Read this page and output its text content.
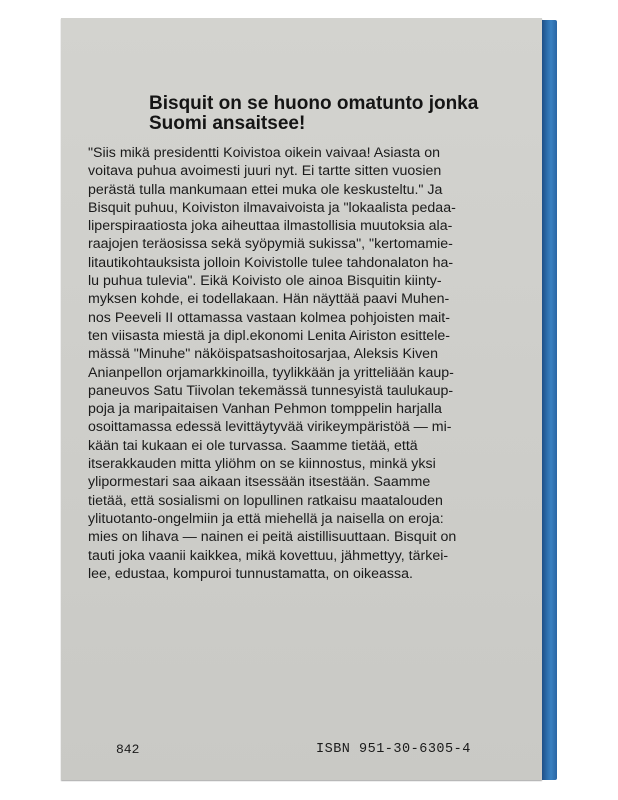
Bisquit on se huono omatunto jonka
Suomi ansaitsee!

"Siis mikä presidentti Koivistoa oikein vaivaa! Asiasta on
voitava puhua avoimesti juuri nyt. Ei tartte sitten vuosien
perästä tulla mankumaan ettei muka ole keskusteltu." Ja
Bisquit puhuu, Koiviston ilmavaivoista ja "lokaalista pedaa-
liperspiraatiosta joka aiheuttaa ilmastollisia muutoksia ala-
raajojen teräosissa sekä syöpymiä sukissa", "kertomamie-
litautikohtauksista jolloin Koivistolle tulee tahdonalaton ha-
lu puhua tulevia". Eikä Koivisto ole ainoa Bisquitin kiinty-
myksen kohde, ei todellakaan. Hän näyttää paavi Muhen-
nos Peeveli II ottamassa vastaan kolmea pohjoisten mait-
ten viisasta miestä ja dipl.ekonomi Lenita Airiston esittele-
mässä "Minuhe" näköispatsashoitosarjaa, Aleksis Kiven
Anianpellon orjamarkkinoilla, tyylikkään ja yritteliään kaup-
paneuvos Satu Tiivolan tekemässä tunnesyistä taulukaup-
poja ja maripaitaisen Vanhan Pehmon tomppelin harjalla
osoittamassa edessä levittäytyvää virikeympäristöä — mi-
kään tai kukaan ei ole turvassa. Saamme tietää, että
itserakkauden mitta yliöhm on se kiinnostus, minkä yksi
ylipormestari saa aikaan itsessään itsestään. Saamme
tietää, että sosialismi on lopullinen ratkaisu maatalouden
ylituotanto-ongelmiin ja että miehellä ja naisella on eroja:
mies on lihava — nainen ei peitä aistillisuuttaan. Bisquit on
tauti joka vaanii kaikkea, mikä kovettuu, jähmettyy, tärkei-
lee, edustaa, kompuroi tunnustamatta, on oikeassa.

842	ISBN 951-30-6305-4
